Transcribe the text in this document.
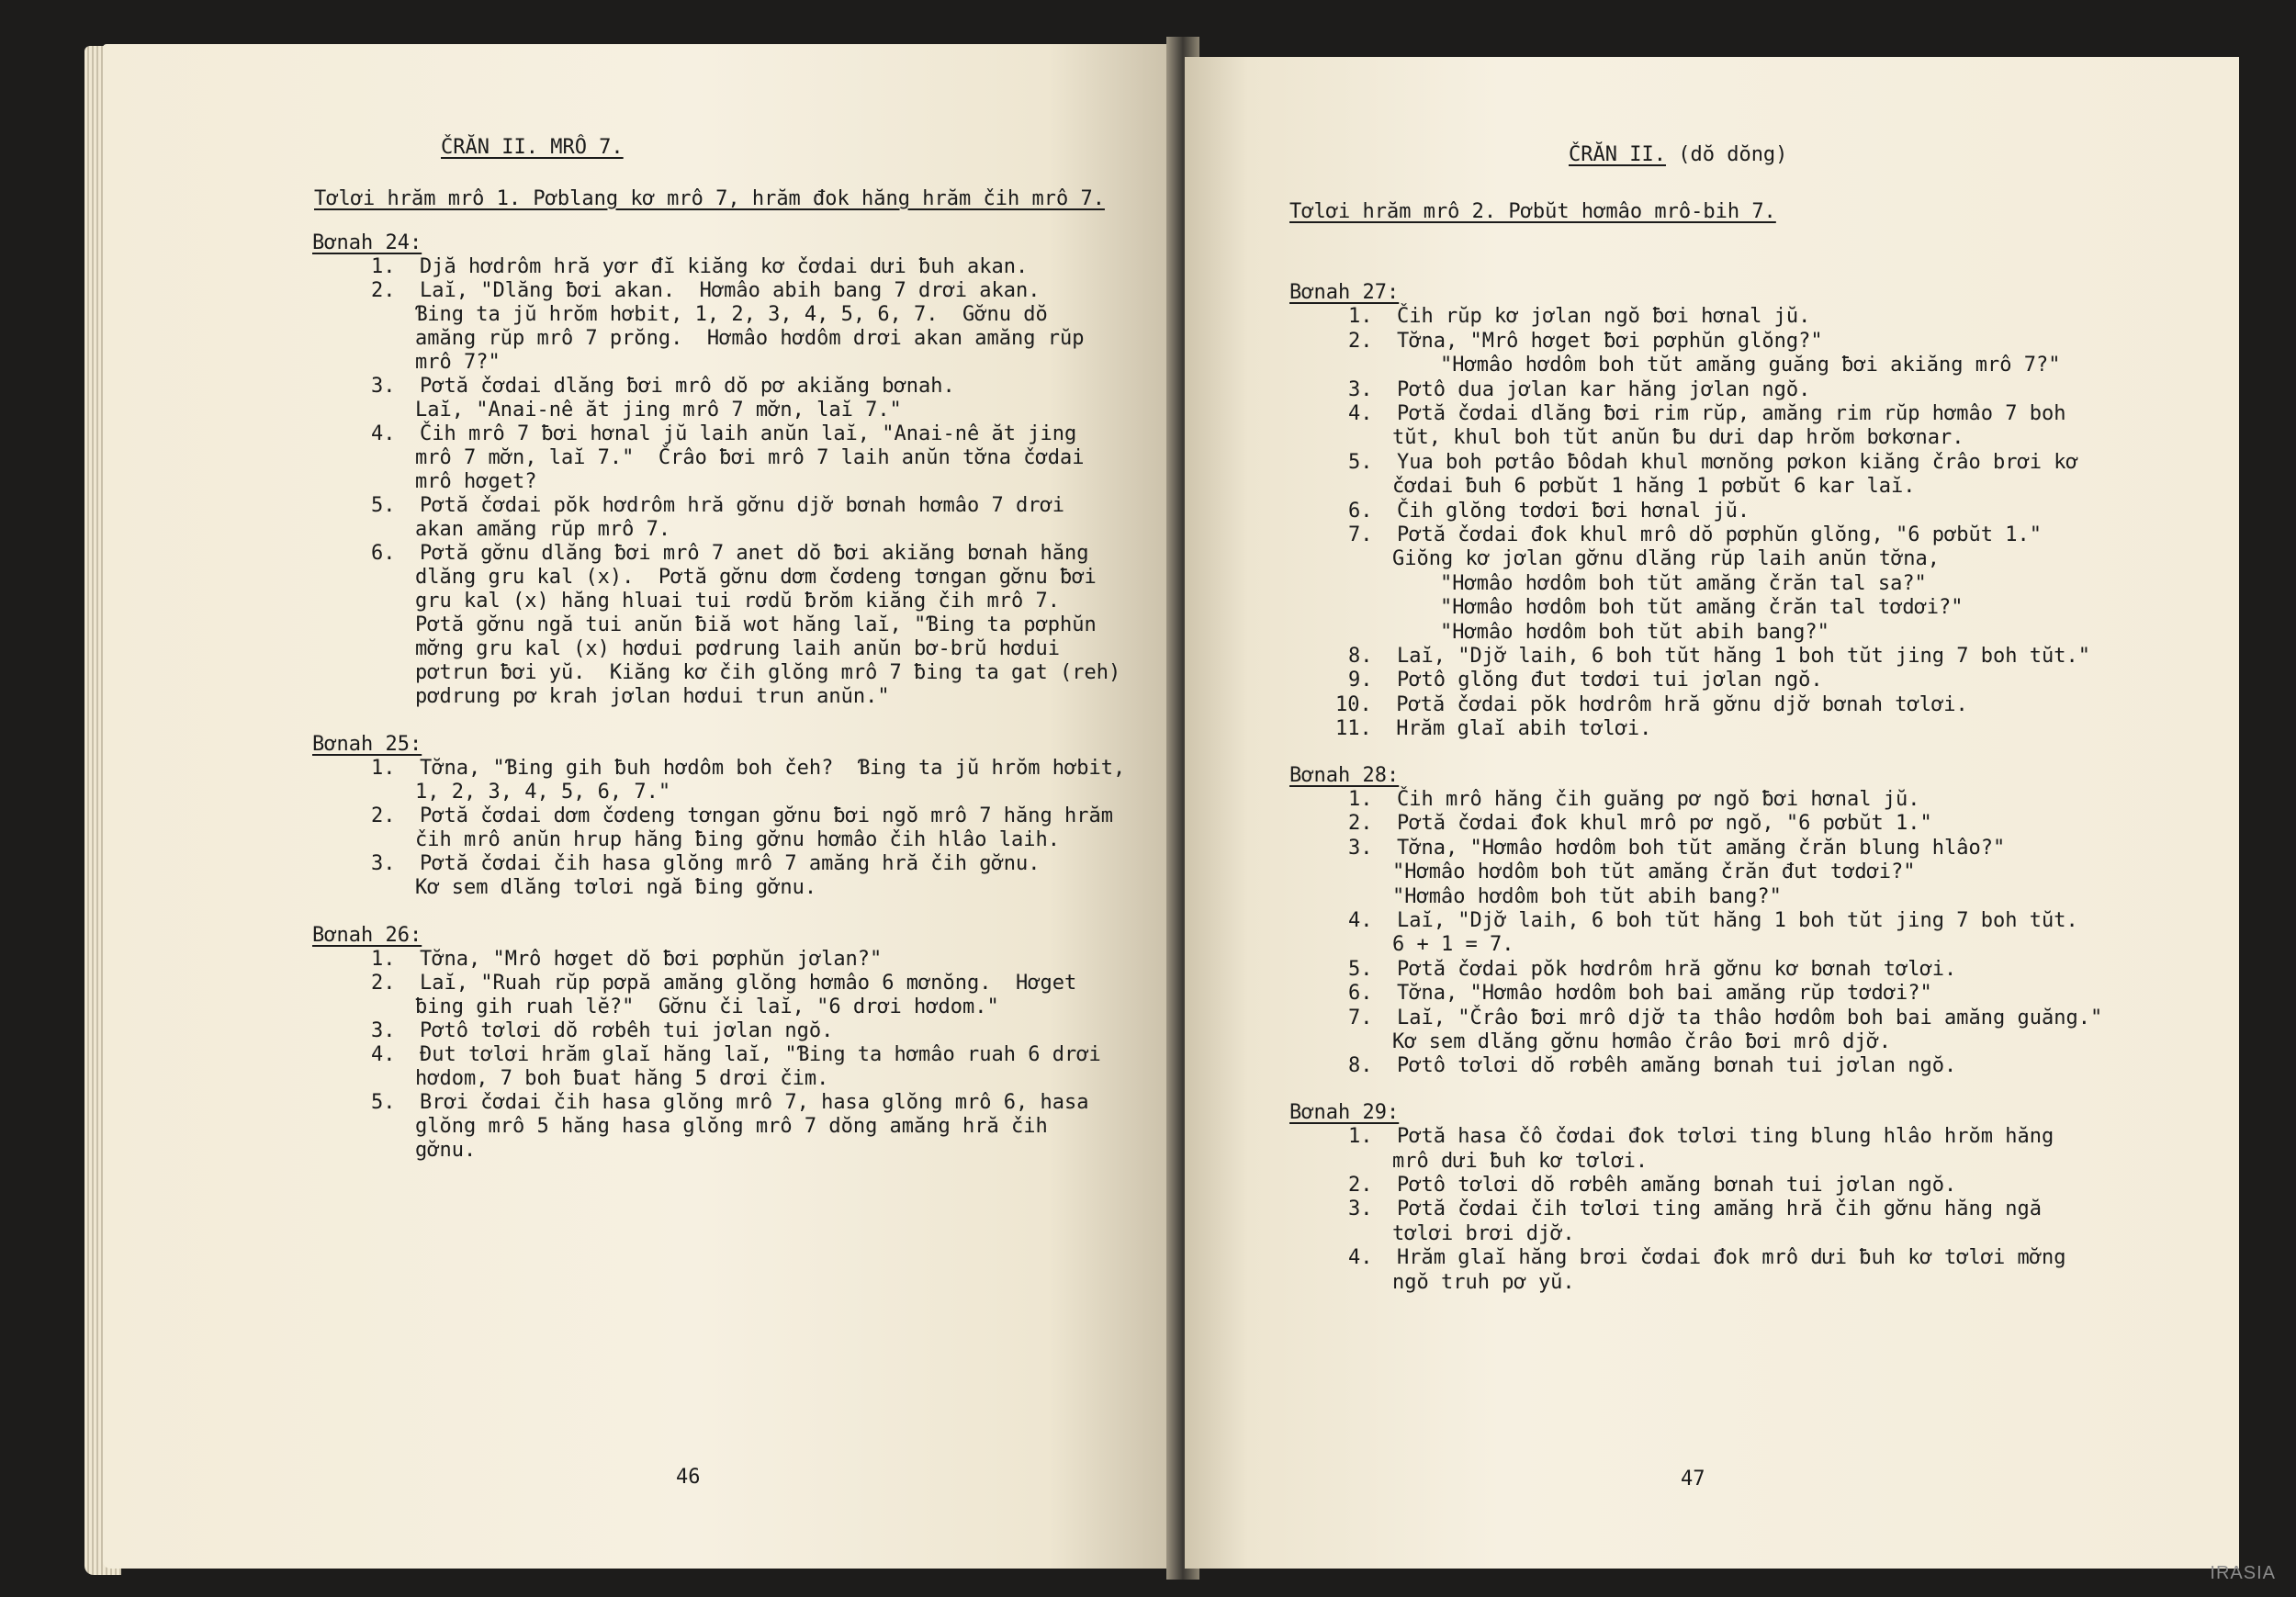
ČRĂN II. MRÔ 7.
Tơlơi hrăm mrô 1. Pơblang kơ mrô 7, hrăm đok hăng hrăm čih mrô 7.
Bơnah 24:
1.  Djă hơdrôm hră yơr đĭ kiăng kơ čơdai dưi ƀuh akan.
2.  Laĭ, "Dlăng ƀơi akan.  Hơmâo abih bang 7 drơi akan.
Ɓing ta jŭ hrŏm hơbit, 1, 2, 3, 4, 5, 6, 7.  Gơ̆nu dŏ
amăng rŭp mrô 7 prŏng.  Hơmâo hơdôm drơi akan amăng rŭp
mrô 7?"
3.  Pơtă čơdai dlăng ƀơi mrô dŏ pơ akiăng bơnah.
Laĭ, "Anai-nê ăt jing mrô 7 mơ̆n, laĭ 7."
4.  Čih mrô 7 ƀơi hơnal jŭ laih anŭn laĭ, "Anai-nê ăt jing
mrô 7 mơ̆n, laĭ 7."  Črâo ƀơi mrô 7 laih anŭn tơ̆na čơdai
mrô hơget?
5.  Pơtă čơdai pŏk hơdrôm hră gơ̆nu djơ̆ bơnah hơmâo 7 drơi
akan amăng rŭp mrô 7.
6.  Pơtă gơ̆nu dlăng ƀơi mrô 7 anet dŏ ƀơi akiăng bơnah hăng
dlăng gru kal (x).  Pơtă gơ̆nu dơm čơdeng tơngan gơ̆nu ƀơi
gru kal (x) hăng hluai tui rơdŭ ƀrŏm kiăng čih mrô 7.
Pơtă gơ̆nu ngă tui anŭn ƀiă wot hăng laĭ, "Ɓing ta pơphŭn
mơ̆ng gru kal (x) hơdui pơdrung laih anŭn bơ-brŭ hơdui
pơtrun ƀơi yŭ.  Kiăng kơ čih glŏng mrô 7 ƀing ta gat (reh)
pơdrung pơ krah jơlan hơdui trun anŭn."
Bơnah 25:
1.  Tơ̆na, "Ɓing gih ƀuh hơdôm boh čeh?  Ɓing ta jŭ hrŏm hơbit,
1, 2, 3, 4, 5, 6, 7."
2.  Pơtă čơdai dơm čơdeng tơngan gơ̆nu ƀơi ngŏ mrô 7 hăng hrăm
čih mrô anŭn hrup hăng ƀing gơ̆nu hơmâo čih hlâo laih.
3.  Pơtă čơdai čih hasa glŏng mrô 7 amăng hră čih gơ̆nu.
Kơ sem dlăng tơlơi ngă ƀing gơ̆nu.
Bơnah 26:
1.  Tơ̆na, "Mrô hơget dŏ ƀơi pơphŭn jơlan?"
2.  Laĭ, "Ruah rŭp pơpă amăng glŏng hơmâo 6 mơnŏng.  Hơget
ƀing gih ruah lĕ?"  Gơ̆nu či laĭ, "6 drơi hơdom."
3.  Pơtô tơlơi dŏ rơbêh tui jơlan ngŏ.
4.  Đut tơlơi hrăm glaĭ hăng laĭ, "Ɓing ta hơmâo ruah 6 drơi
hơdom, 7 boh ƀuat hăng 5 drơi čim.
5.  Brơi čơdai čih hasa glŏng mrô 7, hasa glŏng mrô 6, hasa
glŏng mrô 5 hăng hasa glŏng mrô 7 dŏng amăng hră čih
gơ̆nu.
46
ČRĂN II. (dŏ dŏng)
Tơlơi hrăm mrô 2. Pơbŭt hơmâo mrô-bih 7.
Bơnah 27:
1.  Čih rŭp kơ jơlan ngŏ ƀơi hơnal jŭ.
2.  Tơ̆na, "Mrô hơget ƀơi pơphŭn glŏng?"
"Hơmâo hơdôm boh tŭt amăng guăng ƀơi akiăng mrô 7?"
3.  Pơtô dua jơlan kar hăng jơlan ngŏ.
4.  Pơtă čơdai dlăng ƀơi rim rŭp, amăng rim rŭp hơmâo 7 boh
tŭt, khul boh tŭt anŭn ƀu dưi dap hrŏm bơkơnar.
5.  Yua boh pơtâo ƀôdah khul mơnŏng pơkon kiăng črâo brơi kơ
čơdai ƀuh 6 pơbŭt 1 hăng 1 pơbŭt 6 kar laĭ.
6.  Čih glŏng tơdơi ƀơi hơnal jŭ.
7.  Pơtă čơdai đok khul mrô dŏ pơphŭn glŏng, "6 pơbŭt 1."
Giŏng kơ jơlan gơ̆nu dlăng rŭp laih anŭn tơ̆na,
"Hơmâo hơdôm boh tŭt amăng črăn tal sa?"
"Hơmâo hơdôm boh tŭt amăng črăn tal tơdơi?"
"Hơmâo hơdôm boh tŭt abih bang?"
8.  Laĭ, "Djơ̆ laih, 6 boh tŭt hăng 1 boh tŭt jing 7 boh tŭt."
9.  Pơtô glŏng đut tơdơi tui jơlan ngŏ.
10.  Pơtă čơdai pŏk hơdrôm hră gơ̆nu djơ̆ bơnah tơlơi.
11.  Hrăm glaĭ abih tơlơi.
Bơnah 28:
1.  Čih mrô hăng čih guăng pơ ngŏ ƀơi hơnal jŭ.
2.  Pơtă čơdai đok khul mrô pơ ngŏ, "6 pơbŭt 1."
3.  Tơ̆na, "Hơmâo hơdôm boh tŭt amăng črăn blung hlâo?"
"Hơmâo hơdôm boh tŭt amăng črăn đut tơdơi?"
"Hơmâo hơdôm boh tŭt abih bang?"
4.  Laĭ, "Djơ̆ laih, 6 boh tŭt hăng 1 boh tŭt jing 7 boh tŭt.
6 + 1 = 7.
5.  Pơtă čơdai pŏk hơdrôm hră gơ̆nu kơ bơnah tơlơi.
6.  Tơ̆na, "Hơmâo hơdôm boh bai amăng rŭp tơdơi?"
7.  Laĭ, "Črâo ƀơi mrô djơ̆ ta thâo hơdôm boh bai amăng guăng."
Kơ sem dlăng gơ̆nu hơmâo črâo ƀơi mrô djơ̆.
8.  Pơtô tơlơi dŏ rơbêh amăng bơnah tui jơlan ngŏ.
Bơnah 29:
1.  Pơtă hasa čô čơdai đok tơlơi ting blung hlâo hrŏm hăng
mrô dưi ƀuh kơ tơlơi.
2.  Pơtô tơlơi dŏ rơbêh amăng bơnah tui jơlan ngŏ.
3.  Pơtă čơdai čih tơlơi ting amăng hră čih gơ̆nu hăng ngă
tơlơi brơi djơ̆.
4.  Hrăm glaĭ hăng brơi čơdai đok mrô dưi ƀuh kơ tơlơi mơ̆ng
ngŏ truh pơ yŭ.
47
IRASIA
